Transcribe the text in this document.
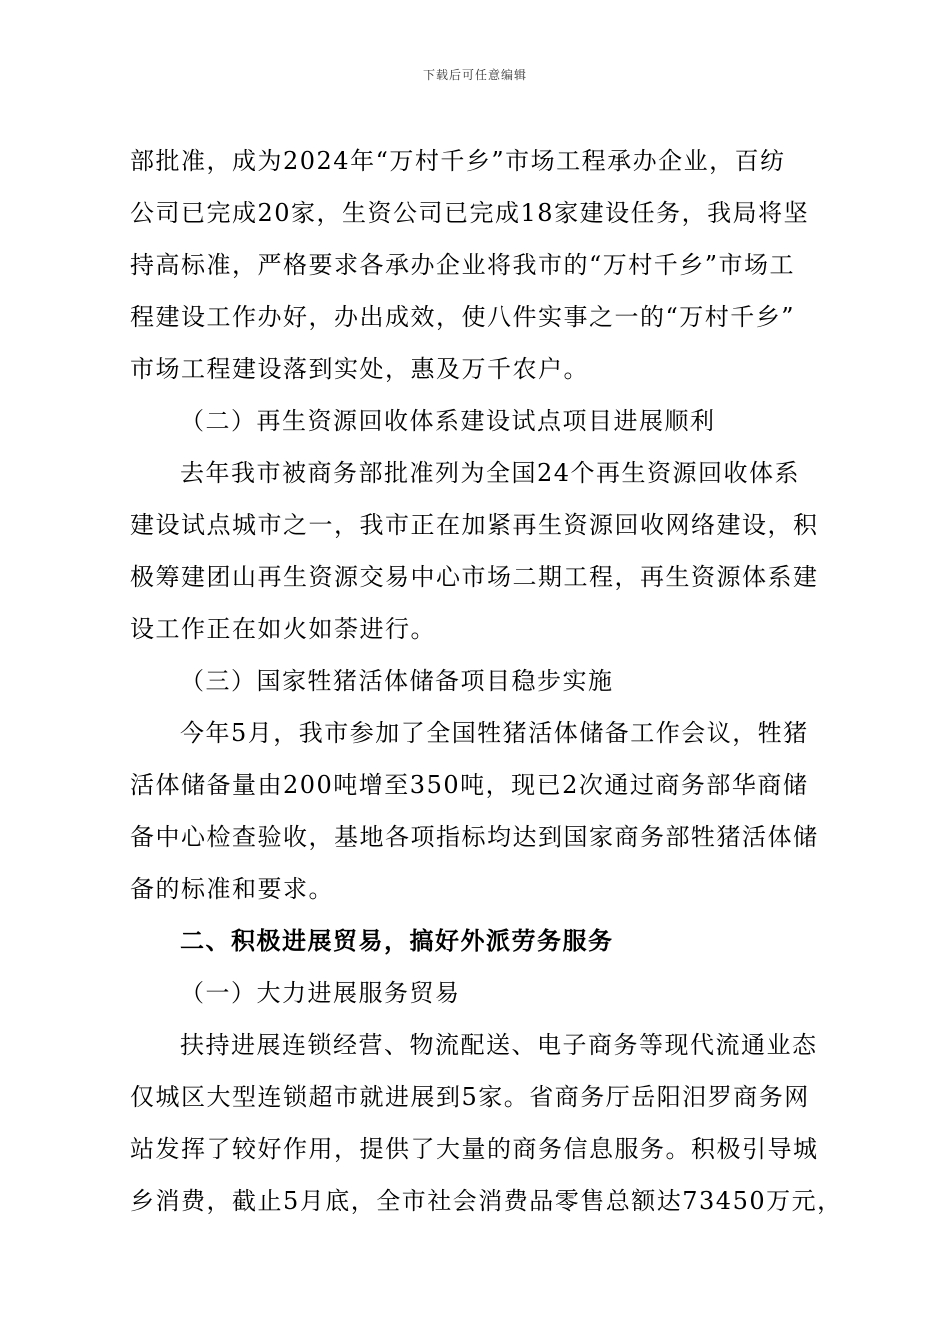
下载后可任意编辑
部批准，成为2024年“万村千乡”市场工程承办企业，百纺
公司已完成20家，生资公司已完成18家建设任务，我局将坚
持高标准，严格要求各承办企业将我市的“万村千乡”市场工
程建设工作办好，办出成效，使八件实事之一的“万村千乡”
市场工程建设落到实处，惠及万千农户。
（二）再生资源回收体系建设试点项目进展顺利
去年我市被商务部批准列为全国24个再生资源回收体系
建设试点城市之一，我市正在加紧再生资源回收网络建设，积
极筹建团山再生资源交易中心市场二期工程，再生资源体系建
设工作正在如火如荼进行。
（三）国家牲猪活体储备项目稳步实施
今年5月，我市参加了全国牲猪活体储备工作会议，牲猪
活体储备量由200吨增至350吨，现已2次通过商务部华商储
备中心检查验收，基地各项指标均达到国家商务部牲猪活体储
备的标准和要求。
二、积极进展贸易，搞好外派劳务服务
（一）大力进展服务贸易
扶持进展连锁经营、物流配送、电子商务等现代流通业态
仅城区大型连锁超市就进展到5家。省商务厅岳阳汨罗商务网
站发挥了较好作用，提供了大量的商务信息服务。积极引导城
乡消费，截止5月底，全市社会消费品零售总额达73450万元，
